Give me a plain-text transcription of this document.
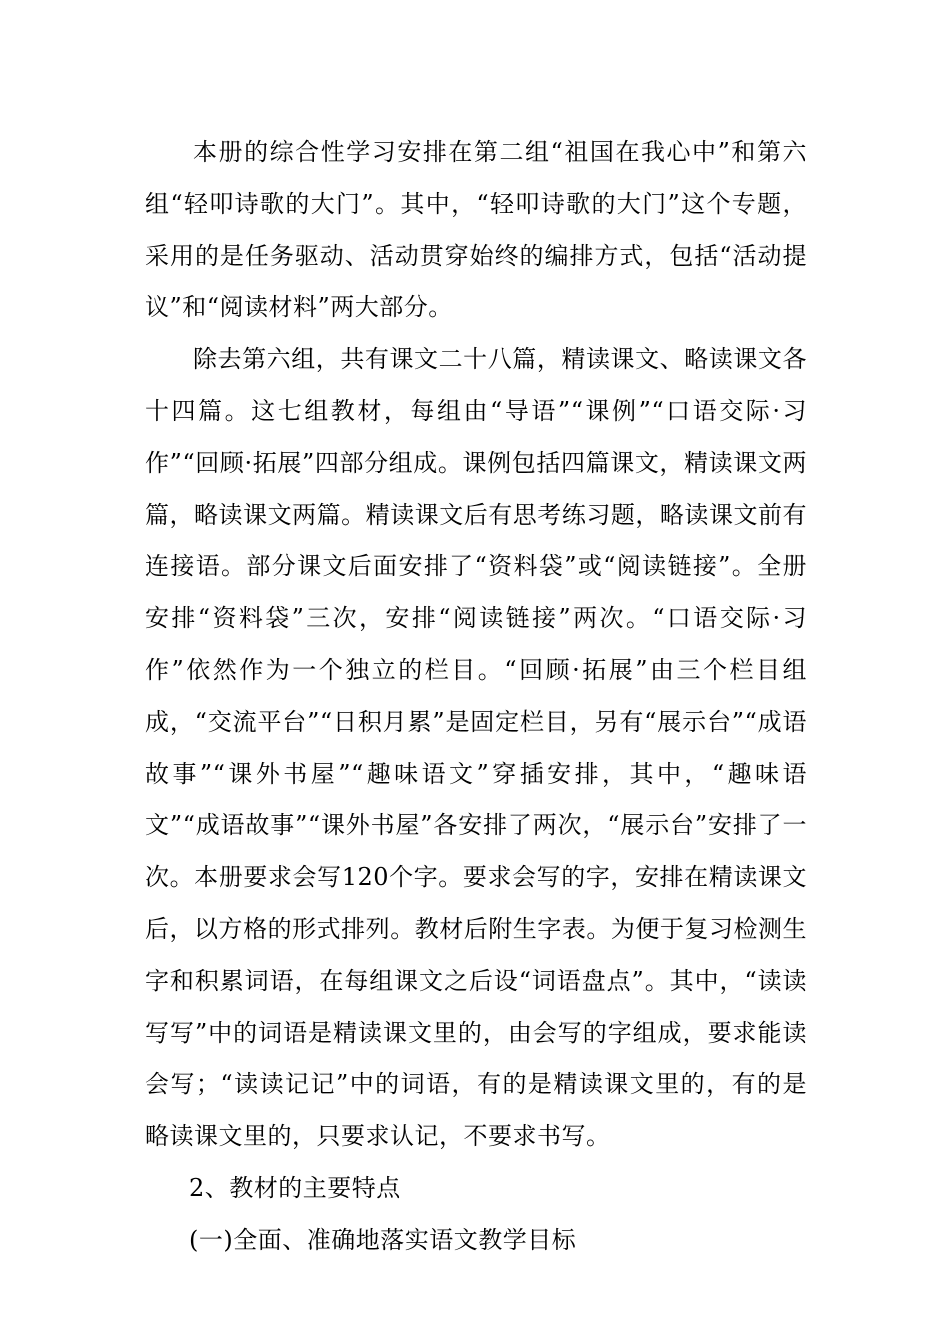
本册的综合性学习安排在第二组“祖国在我心中”和第六组“轻叩诗歌的大门”。其中，“轻叩诗歌的大门”这个专题，采用的是任务驱动、活动贯穿始终的编排方式，包括“活动提议”和“阅读材料”两大部分。

除去第六组，共有课文二十八篇，精读课文、略读课文各十四篇。这七组教材，每组由“导语”“课例”“口语交际·习作”“回顾·拓展”四部分组成。课例包括四篇课文，精读课文两篇，略读课文两篇。精读课文后有思考练习题，略读课文前有连接语。部分课文后面安排了“资料袋”或“阅读链接”。全册安排“资料袋”三次，安排“阅读链接”两次。“口语交际·习作”依然作为一个独立的栏目。“回顾·拓展”由三个栏目组成，“交流平台”“日积月累”是固定栏目，另有“展示台”“成语故事”“课外书屋”“趣味语文”穿插安排，其中，“趣味语文”“成语故事”“课外书屋”各安排了两次，“展示台”安排了一次。本册要求会写120个字。要求会写的字，安排在精读课文后，以方格的形式排列。教材后附生字表。为便于复习检测生字和积累词语，在每组课文之后设“词语盘点”。其中，“读读写写”中的词语是精读课文里的，由会写的字组成，要求能读会写；“读读记记”中的词语，有的是精读课文里的，有的是略读课文里的，只要求认记，不要求书写。

2、教材的主要特点

(一)全面、准确地落实语文教学目标
